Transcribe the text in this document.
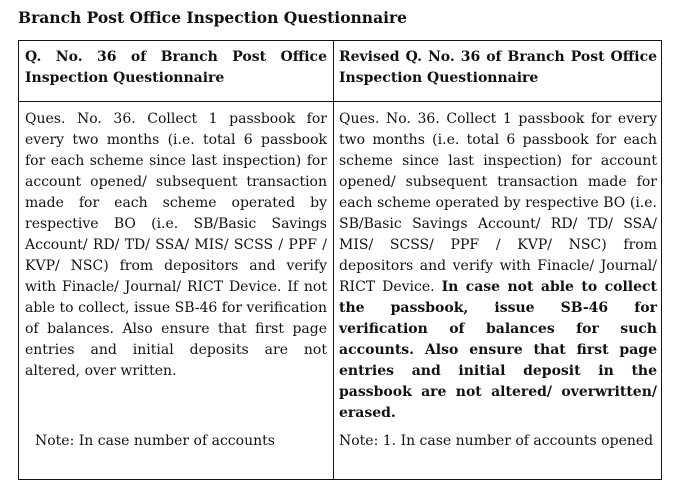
Branch Post Office Inspection Questionnaire
Q. No. 36 of Branch Post Office Inspection Questionnaire
Revised Q. No. 36 of Branch Post Office Inspection Questionnaire

Ques. No. 36. Collect 1 passbook for every two months (i.e. total 6 passbook for each scheme since last inspection) for account opened/ subsequent transaction made for each scheme operated by respective BO (i.e. SB/Basic Savings Account/ RD/ TD/ SSA/ MIS/ SCSS / PPF / KVP/ NSC) from depositors and verify with Finacle/ Journal/ RICT Device. If not able to collect, issue SB-46 for verification of balances. Also ensure that first page entries and initial deposits are not altered, over written.

Ques. No. 36. Collect 1 passbook for every two months (i.e. total 6 passbook for each scheme since last inspection) for account opened/ subsequent transaction made for each scheme operated by respective BO (i.e. SB/Basic Savings Account/ RD/ TD/ SSA/ MIS/ SCSS/ PPF / KVP/ NSC) from depositors and verify with Finacle/ Journal/ RICT Device. In case not able to collect the passbook, issue SB-46 for verification of balances for such accounts. Also ensure that first page entries and initial deposit in the passbook are not altered/ overwritten/ erased.

Note: In case number of accounts	Note: 1. In case number of accounts opened
